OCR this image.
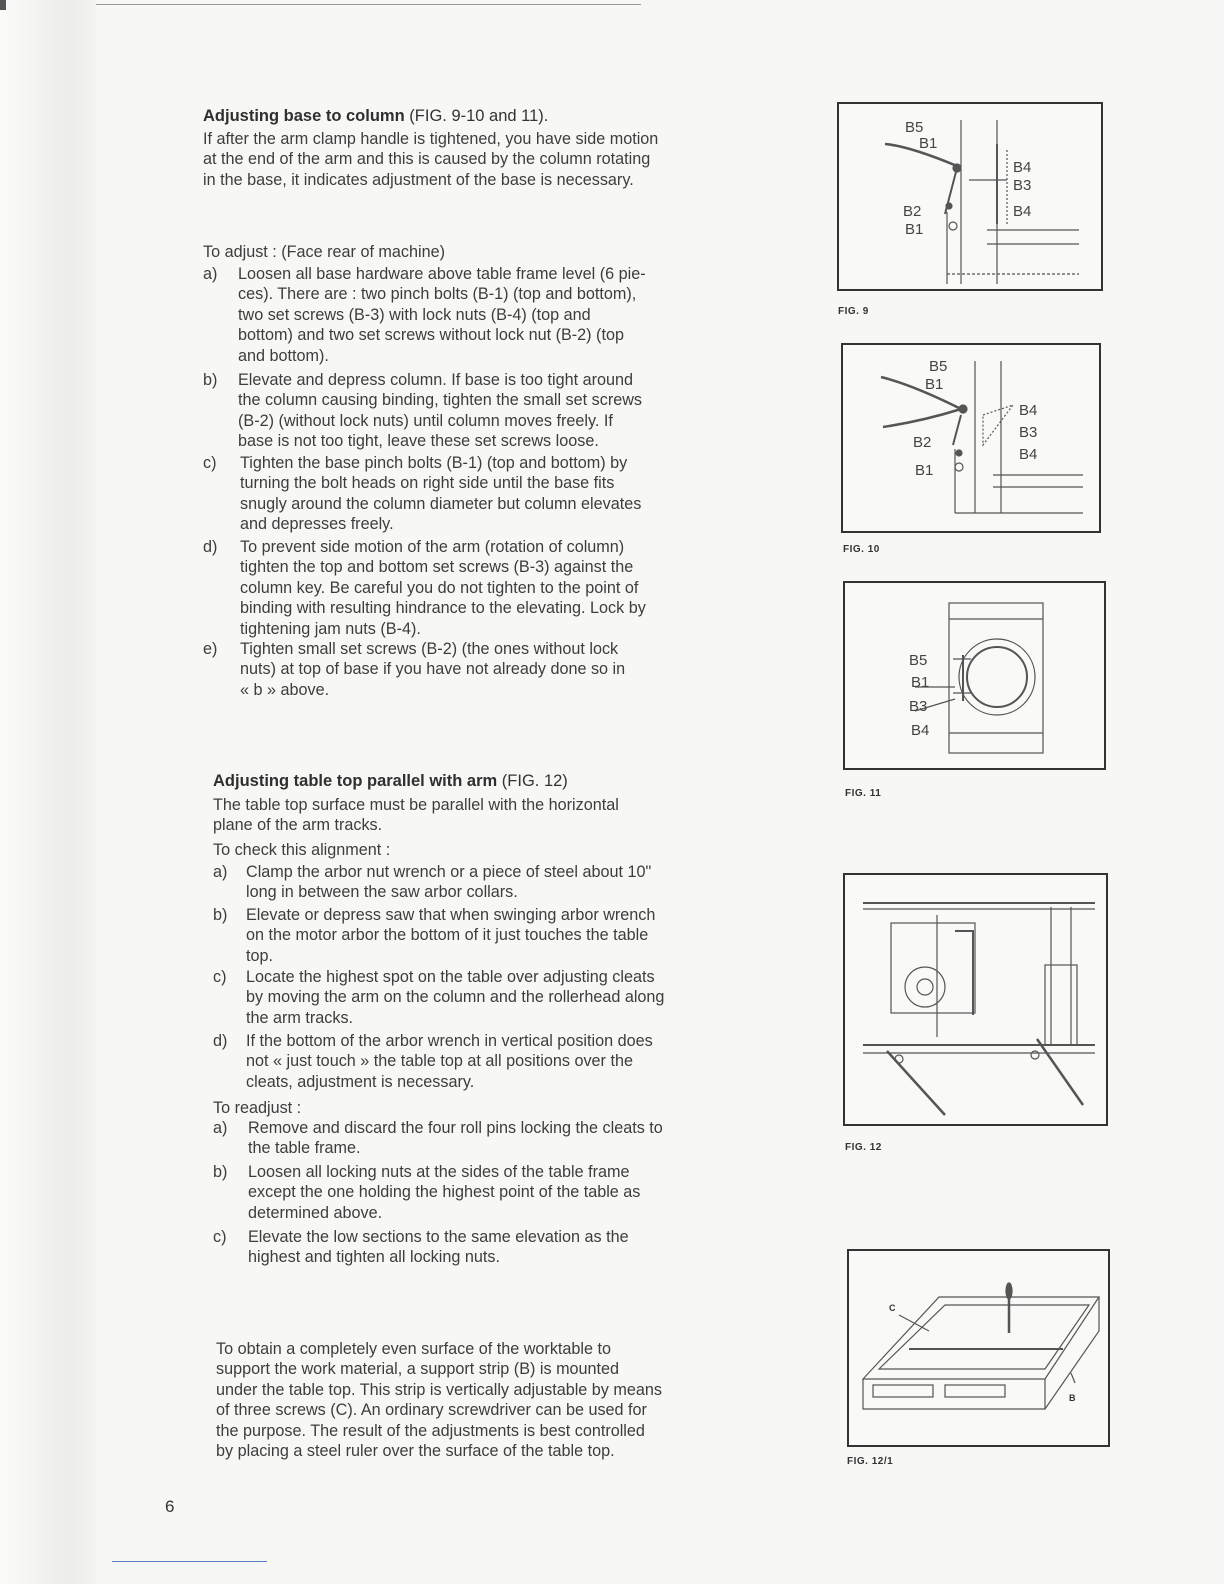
Adjusting base to column (FIG. 9-10 and 11).
If after the arm clamp handle is tightened, you have side motion
at the end of the arm and this is caused by the column rotating
in the base, it indicates adjustment of the base is necessary.
To adjust : (Face rear of machine)
a) Loosen all base hardware above table frame level (6 pie-
ces). There are : two pinch bolts (B-1) (top and bottom),
two set screws (B-3) with lock nuts (B-4) (top and
bottom) and two set screws without lock nut (B-2) (top
and bottom).
b) Elevate and depress column. If base is too tight around
the column causing binding, tighten the small set screws
(B-2) (without lock nuts) until column moves freely. If
base is not too tight, leave these set screws loose.
c) Tighten the base pinch bolts (B-1) (top and bottom) by
turning the bolt heads on right side until the base fits
snugly around the column diameter but column elevates
and depresses freely.
d) To prevent side motion of the arm (rotation of column)
tighten the top and bottom set screws (B-3) against the
column key. Be careful you do not tighten to the point of
binding with resulting hindrance to the elevating. Lock by
tightening jam nuts (B-4).
e) Tighten small set screws (B-2) (the ones without lock
nuts) at top of base if you have not already done so in
« b » above.
Adjusting table top parallel with arm (FIG. 12)
The table top surface must be parallel with the horizontal
plane of the arm tracks.
To check this alignment :
a) Clamp the arbor nut wrench or a piece of steel about 10"
long in between the saw arbor collars.
b) Elevate or depress saw that when swinging arbor wrench
on the motor arbor the bottom of it just touches the table
top.
c) Locate the highest spot on the table over adjusting cleats
by moving the arm on the column and the rollerhead along
the arm tracks.
d) If the bottom of the arbor wrench in vertical position does
not « just touch » the table top at all positions over the
cleats, adjustment is necessary.
To readjust :
a) Remove and discard the four roll pins locking the cleats to
the table frame.
b) Loosen all locking nuts at the sides of the table frame
except the one holding the highest point of the table as
determined above.
c) Elevate the low sections to the same elevation as the
highest and tighten all locking nuts.
To obtain a completely even surface of the worktable to
support the work material, a support strip (B) is mounted
under the table top. This strip is vertically adjustable by means
of three screws (C). An ordinary screwdriver can be used for
the purpose. The result of the adjustments is best controlled
by placing a steel ruler over the surface of the table top.
B5
B1
B4
B3
B4
B2
B1
FIG. 9
B5
B1
B4
B3
B4
B2
B1
FIG. 10
B5
B1
B3
B4
FIG. 11
FIG. 12
C
B
FIG. 12/1
6
